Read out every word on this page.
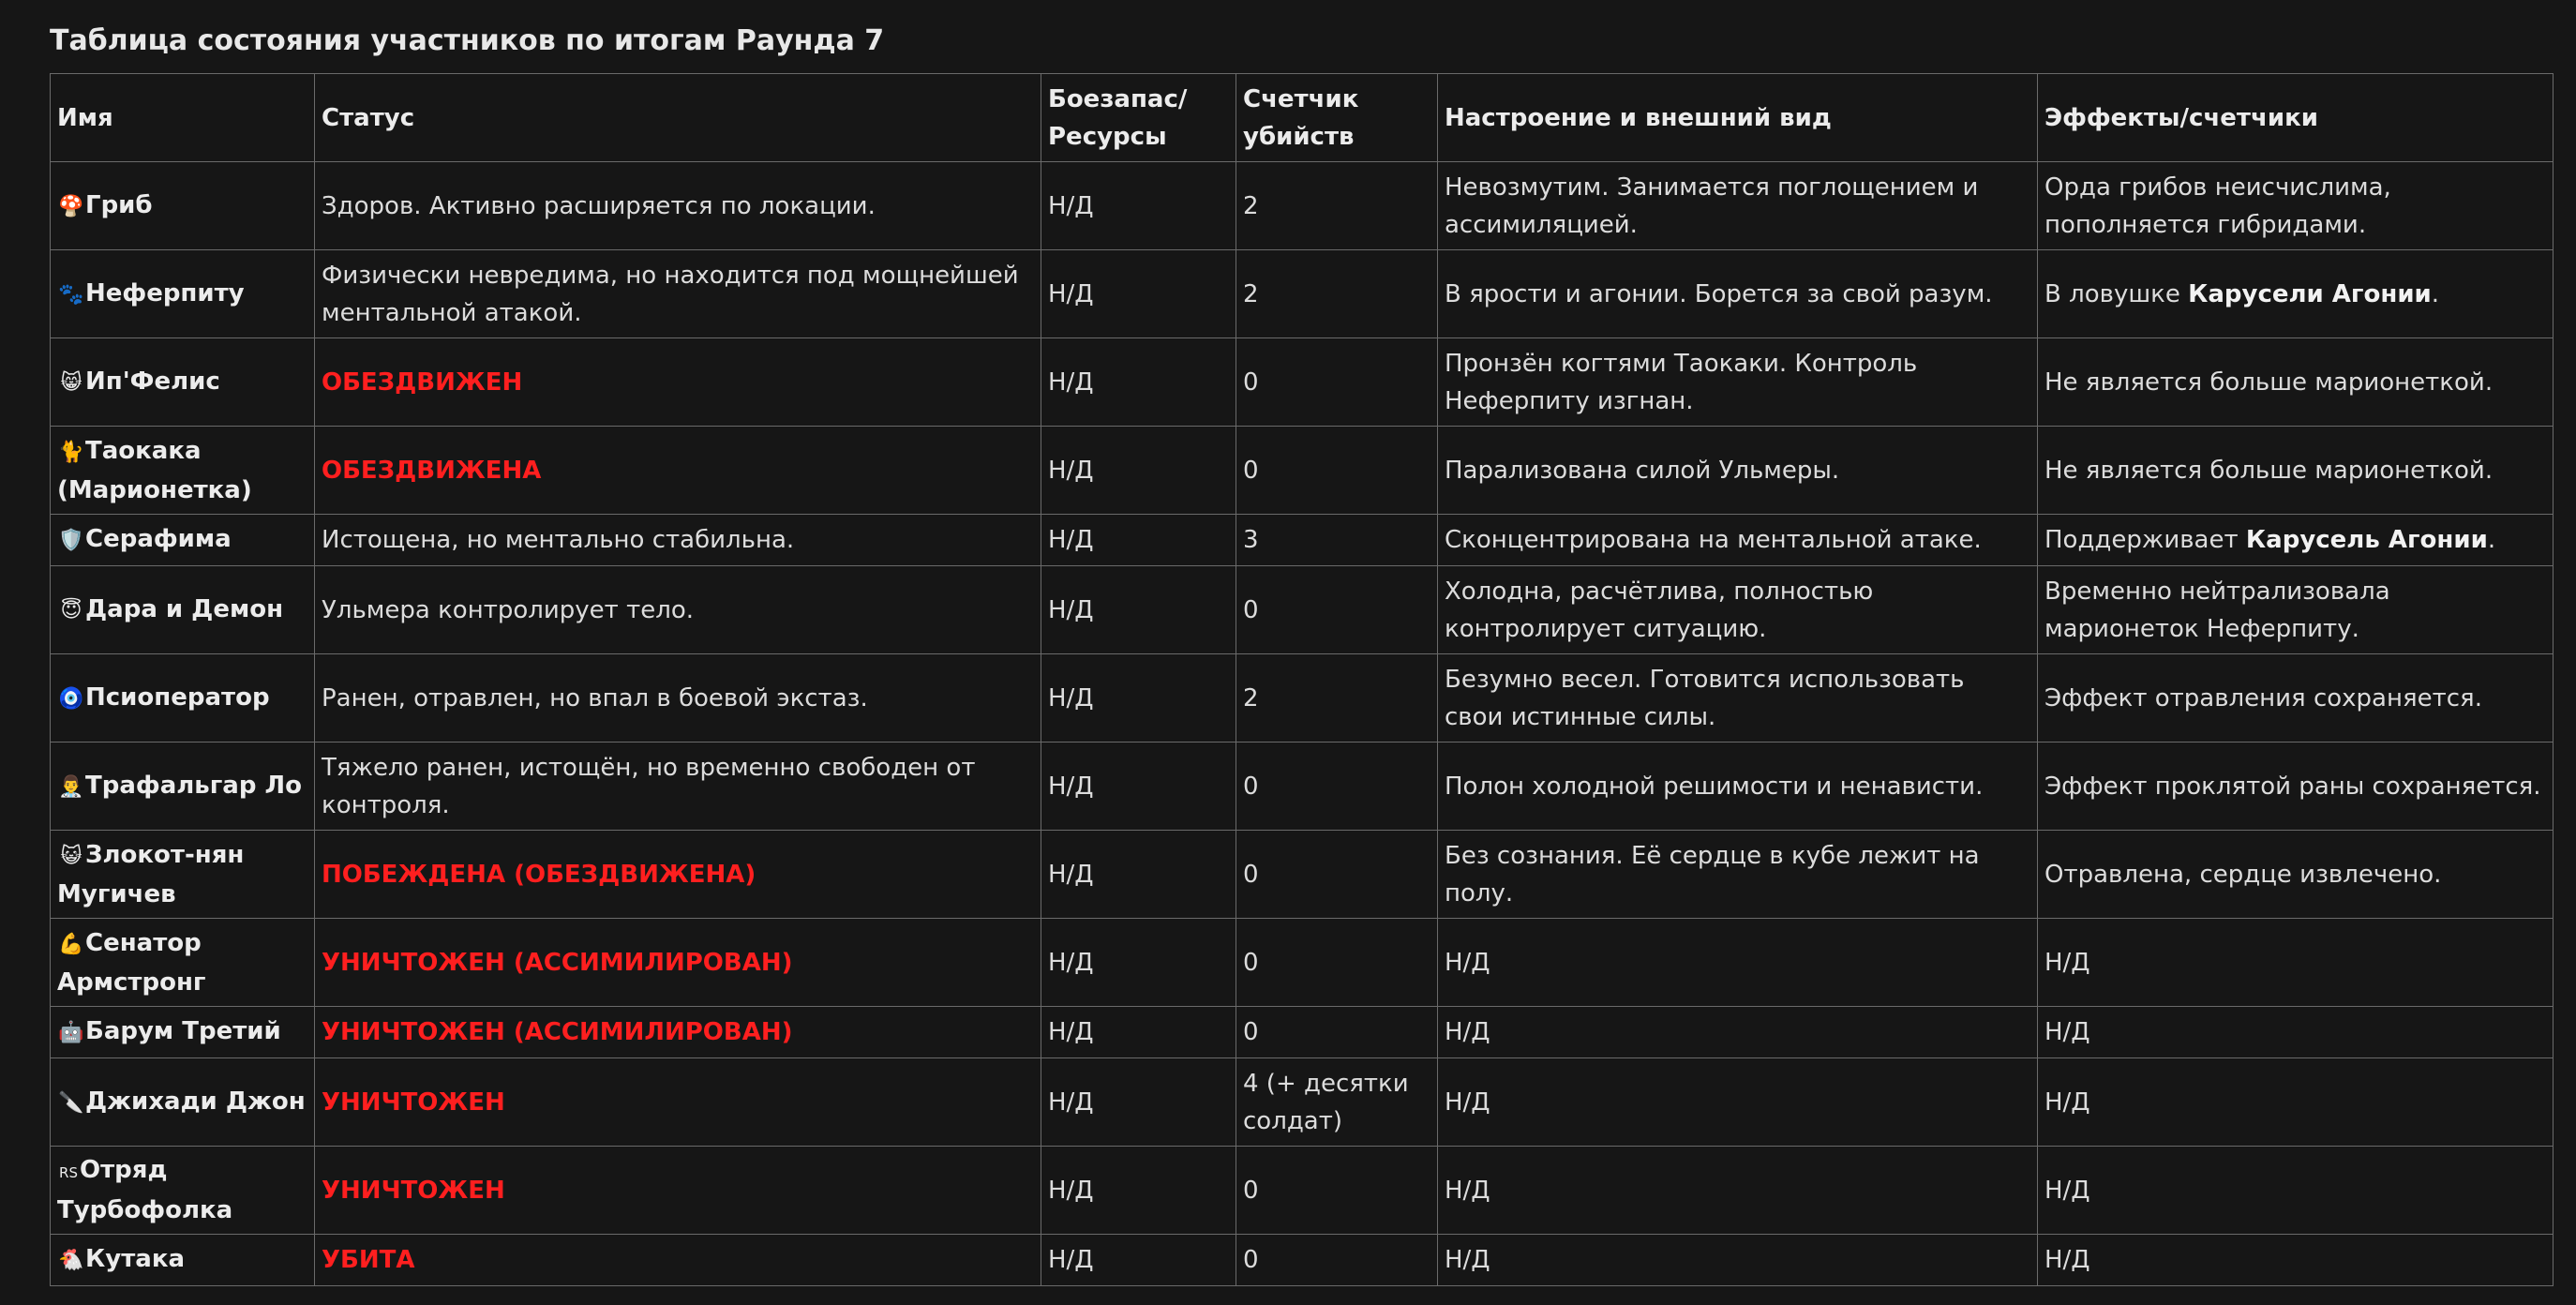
Таблица состояния участников по итогам Раунда 7
Имя	Статус	Боезапас/ Ресурсы	Счетчик убийств	Настроение и внешний вид	Эффекты/счетчики
🍄Гриб	Здоров. Активно расширяется по локации.	Н/Д	2	Невозмутим. Занимается поглощением и ассимиляцией.	Орда грибов неисчислима, пополняется гибридами.
🐾Неферпиту	Физически невредима, но находится под мощнейшей ментальной атакой.	Н/Д	2	В ярости и агонии. Борется за свой разум.	В ловушке Карусели Агонии.
😸 Ип'Фелис	ОБЕЗДВИЖЕН	Н/Д	0	Пронзён когтями Таокаки. Контроль Неферпиту изгнан.	Не является больше марионеткой.
🐈Таокака (Марионетка)	ОБЕЗДВИЖЕНА	Н/Д	0	Парализована силой Ульмеры.	Не является больше марионеткой.
🛡️Серафима	Истощена, но ментально стабильна.	Н/Д	3	Сконцентрирована на ментальной атаке.	Поддерживает Карусель Агонии.
😇 Дара и Демон	Ульмера контролирует тело.	Н/Д	0	Холодна, расчётлива, полностью контролирует ситуацию.	Временно нейтрализовала марионеток Неферпиту.
🧿Псиоператор	Ранен, отравлен, но впал в боевой экстаз.	Н/Д	2	Безумно весел. Готовится использовать свои истинные силы.	Эффект отравления сохраняется.
👨‍⚕️Трафальгар Ло	Тяжело ранен, истощён, но временно свободен от контроля.	Н/Д	0	Полон холодной решимости и ненависти.	Эффект проклятой раны сохраняется.
😺 Злокот-нян Мугичев	ПОБЕЖДЕНА (ОБЕЗДВИЖЕНА)	Н/Д	0	Без сознания. Её сердце в кубе лежит на полу.	Отравлена, сердце извлечено.
💪Сенатор Армстронг	УНИЧТОЖЕН (АССИМИЛИРОВАН)	Н/Д	0	Н/Д	Н/Д
🤖Барум Третий	УНИЧТОЖЕН (АССИМИЛИРОВАН)	Н/Д	0	Н/Д	Н/Д
🔪Джихади Джон	УНИЧТОЖЕН	Н/Д	4 (+ десятки солдат)	Н/Д	Н/Д
RSОтряд Турбофолка	УНИЧТОЖЕН	Н/Д	0	Н/Д	Н/Д
🐔Кутака	УБИТА	Н/Д	0	Н/Д	Н/Д
